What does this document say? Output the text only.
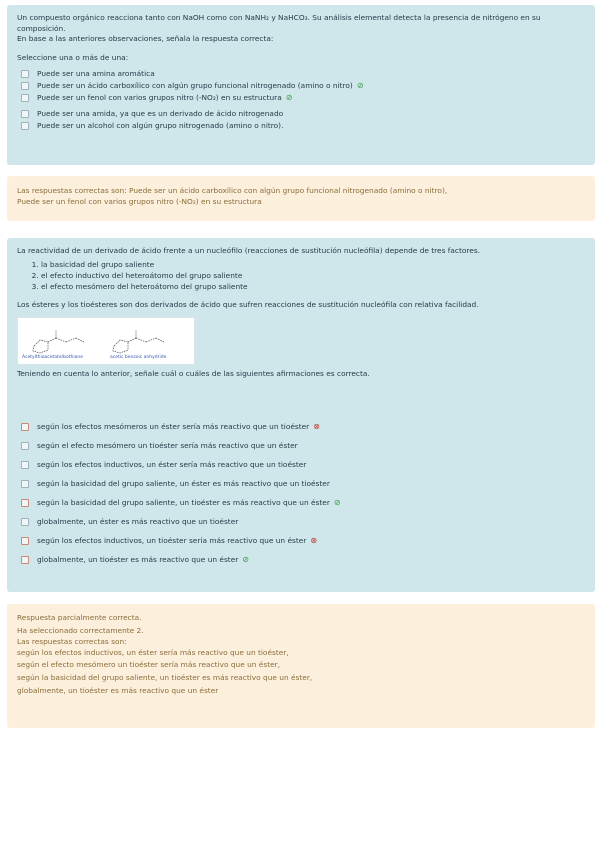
Un compuesto orgánico reacciona tanto con NaOH como con NaNH₂ y NaHCO₃. Su análisis elemental detecta la presencia de nitrógeno en su composición.

En base a las anteriores observaciones, señala la respuesta correcta:

Seleccione una o más de una:

Puede ser una amina aromática
Puede ser un ácido carboxílico con algún grupo funcional nitrogenado (amino o nitro) ⊘
Puede ser un fenol con varios grupos nitro (-NO₂) en su estructura ⊘
Puede ser una amida, ya que es un derivado de ácido nitrogenado
Puede ser un alcohol con algún grupo nitrogenado (amino o nitro).

Las respuestas correctas son: Puede ser un ácido carboxílico con algún grupo funcional nitrogenado (amino o nitro),

Puede ser un fenol con varios grupos nitro (-NO₂) en su estructura

La reactividad de un derivado de ácido frente a un nucleófilo (reacciones de sustitución nucleófila) depende de tres factores.

1. la basicidad del grupo saliente
2. el efecto inductivo del heteroátomo del grupo saliente
3. el efecto mesómero del heteroátomo del grupo saliente

Los ésteres y los tioésteres son dos derivados de ácido que sufren reacciones de sustitución nucleófila con relativa facilidad.

Acetylthioacetate/bothiane	acetic benzoic anhydride

Teniendo en cuenta lo anterior, señale cuál o cuáles de las siguientes afirmaciones es correcta.

según los efectos mesómeros un éster sería más reactivo que un tioéster ⊗
según el efecto mesómero un tioéster sería más reactivo que un éster
según los efectos inductivos, un éster sería más reactivo que un tioéster
según la basicidad del grupo saliente, un éster es más reactivo que un tioéster
según la basicidad del grupo saliente, un tioéster es más reactivo que un éster ⊘
globalmente, un éster es más reactivo que un tioéster
según los efectos inductivos, un tioéster sería más reactivo que un éster ⊗
globalmente, un tioéster es más reactivo que un éster ⊘

Respuesta parcialmente correcta.

Ha seleccionado correctamente 2.

Las respuestas correctas son:

según los efectos inductivos, un éster sería más reactivo que un tioéster,

según el efecto mesómero un tioéster sería más reactivo que un éster,

según la basicidad del grupo saliente, un tioéster es más reactivo que un éster,

globalmente, un tioéster es más reactivo que un éster
